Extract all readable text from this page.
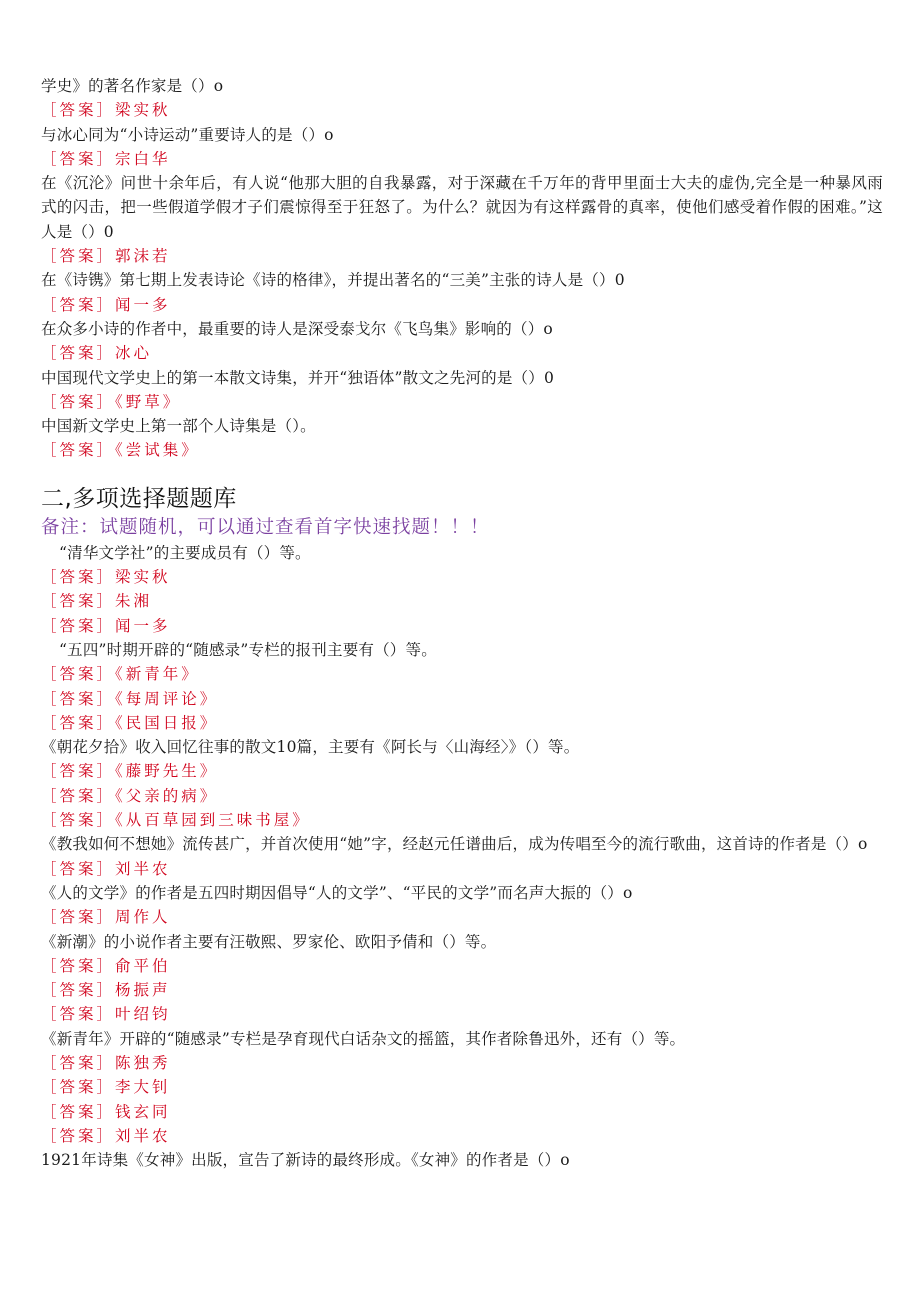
学史》的著名作家是（）o
［答案］梁实秋
与冰心同为“小诗运动”重要诗人的是（）o
［答案］宗白华
在《沉沦》问世十余年后，有人说“他那大胆的自我暴露，对于深藏在千万年的背甲里面士大夫的虚伪,完全是一种暴风雨式的闪击，把一些假道学假才子们震惊得至于狂怒了。为什么？就因为有这样露骨的真率，使他们感受着作假的困难。”这人是（）0
［答案］郭沫若
在《诗镌》第七期上发表诗论《诗的格律》，并提出著名的“三美”主张的诗人是（）0
［答案］闻一多
在众多小诗的作者中，最重要的诗人是深受泰戈尔《飞鸟集》影响的（）o
［答案］冰心
中国现代文学史上的第一本散文诗集，并开“独语体”散文之先河的是（）0
［答案］《野草》
中国新文学史上第一部个人诗集是（）。
［答案］《尝试集》
二,多项选择题题库
备注：试题随机，可以通过查看首字快速找题！！！
“清华文学社”的主要成员有（）等。
［答案］梁实秋
［答案］朱湘
［答案］闻一多
“五四”时期开辟的“随感录”专栏的报刊主要有（）等。
［答案］《新青年》
［答案］《每周评论》
［答案］《民国日报》
《朝花夕拾》收入回忆往事的散文10篇，主要有《阿长与〈山海经〉》（）等。
［答案］《藤野先生》
［答案］《父亲的病》
［答案］《从百草园到三味书屋》
《教我如何不想她》流传甚广，并首次使用“她”字，经赵元任谱曲后，成为传唱至今的流行歌曲，这首诗的作者是（）o
［答案］刘半农
《人的文学》的作者是五四时期因倡导“人的文学”、“平民的文学”而名声大振的（）o
［答案］周作人
《新潮》的小说作者主要有汪敬熙、罗家伦、欧阳予倩和（）等。
［答案］俞平伯
［答案］杨振声
［答案］叶绍钧
《新青年》开辟的“随感录”专栏是孕育现代白话杂文的摇篮，其作者除鲁迅外，还有（）等。
［答案］陈独秀
［答案］李大钊
［答案］钱玄同
［答案］刘半农
1921年诗集《女神》出版，宣告了新诗的最终形成。《女神》的作者是（）o
